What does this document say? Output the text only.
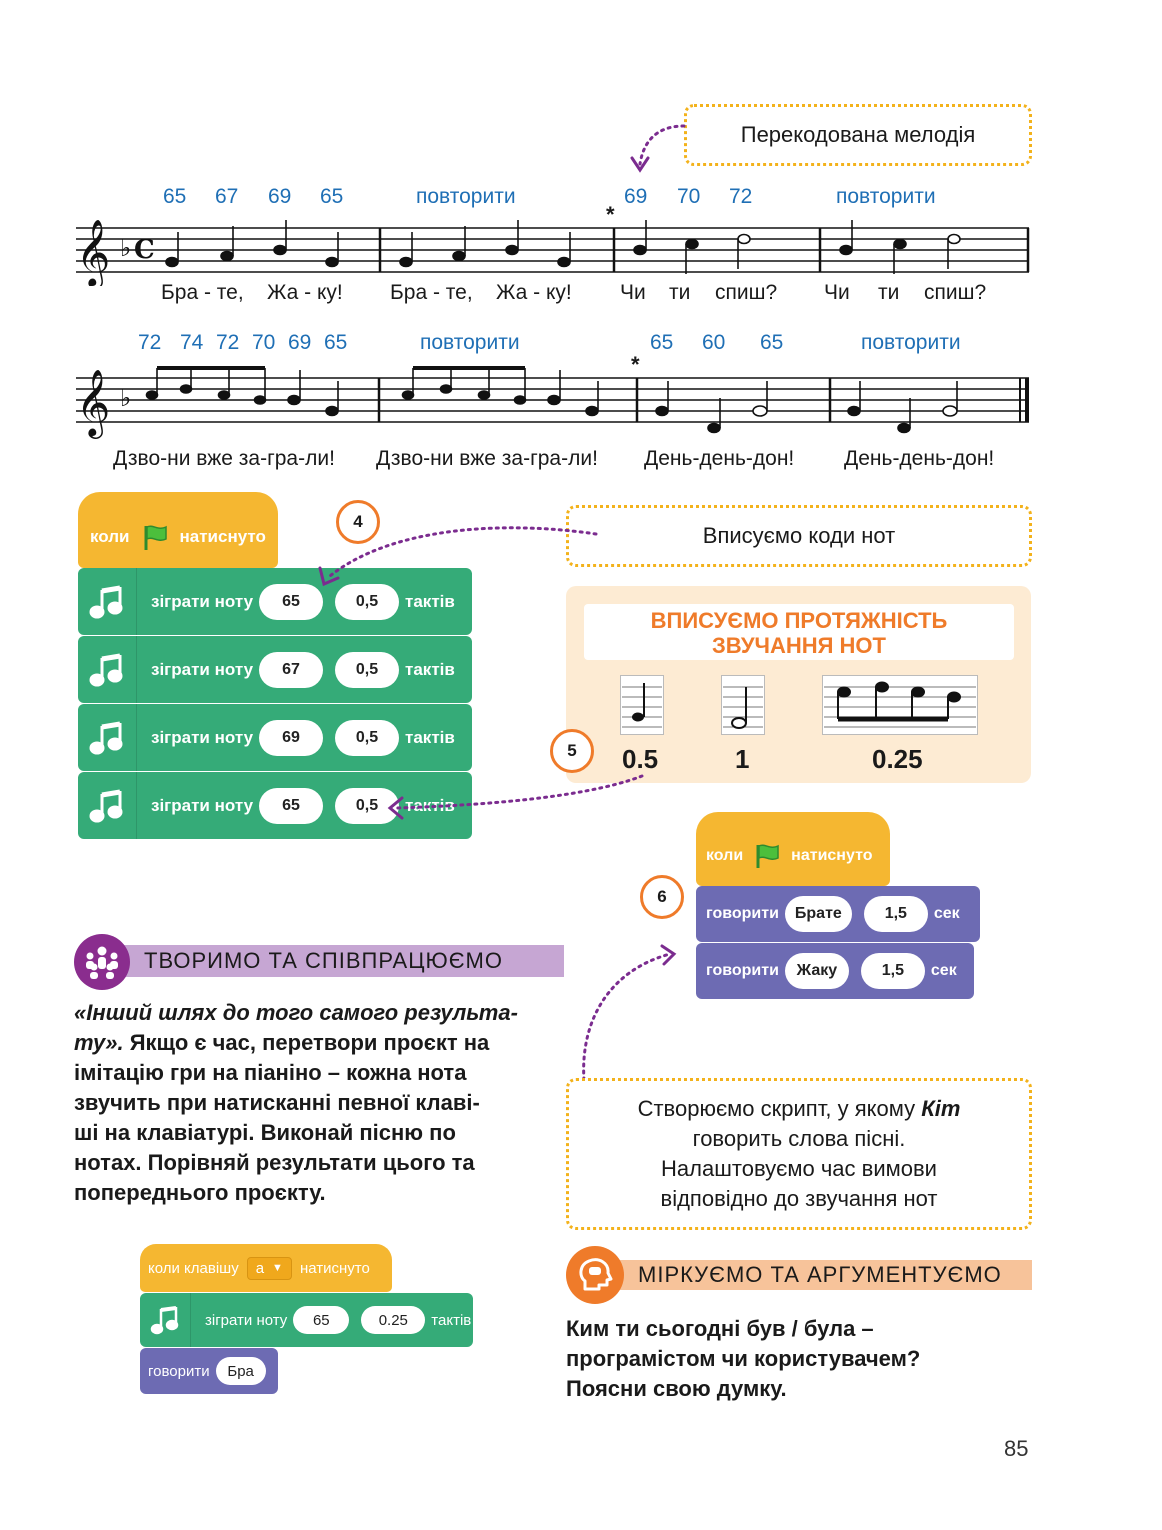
Перекодована мелодія
65 67 69 65	повторити	69 70 72	повторити
*
𝄞 ♭ C
Бра - те, Жа - ку! Бра - те, Жа - ку! Чи ти спиш? Чи ти спиш?
72 74 72 70 69 65	повторити	65 60 65	повторити
*
𝄞 ♭
Дзво-ни вже за-гра-ли! Дзво-ни вже за-гра-ли! День-день-дон! День-день-дон!
коли	натиснуто
зіграти ноту	65	0,5	тактів
зіграти ноту	67	0,5	тактів
зіграти ноту	69	0,5	тактів
зіграти ноту	65	0,5	тактів
4
Вписуємо коди нот
ВПИСУЄМО ПРОТЯЖНІСТЬ
ЗВУЧАННЯ НОТ
0.5	1	0.25
5
коли	натиснуто
говорити	Брате	1,5	сек
говорити	Жаку	1,5	сек
6
Створюємо скрипт, у якому Кіт
говорить слова пісні.
Налаштовуємо час вимови
відповідно до звучання нот
ТВОРИМО ТА СПІВПРАЦЮЄМО
«Інший шлях до того самого результа-ту». Якщо є час, перетвори проєкт на
імітацію гри на піаніно – кожна нота
звучить при натисканні певної клаві-
ші на клавіатурі. Виконай пісню по
нотах. Порівняй результати цього та
попереднього проєкту.
коли клавішу a ▼ натиснуто
зіграти ноту	65	0.25	тактів
говорити	Бра
МІРКУЄМО ТА АРГУМЕНТУЄМО
Ким ти сьогодні був / була –
програмістом чи користувачем?
Поясни свою думку.
85
